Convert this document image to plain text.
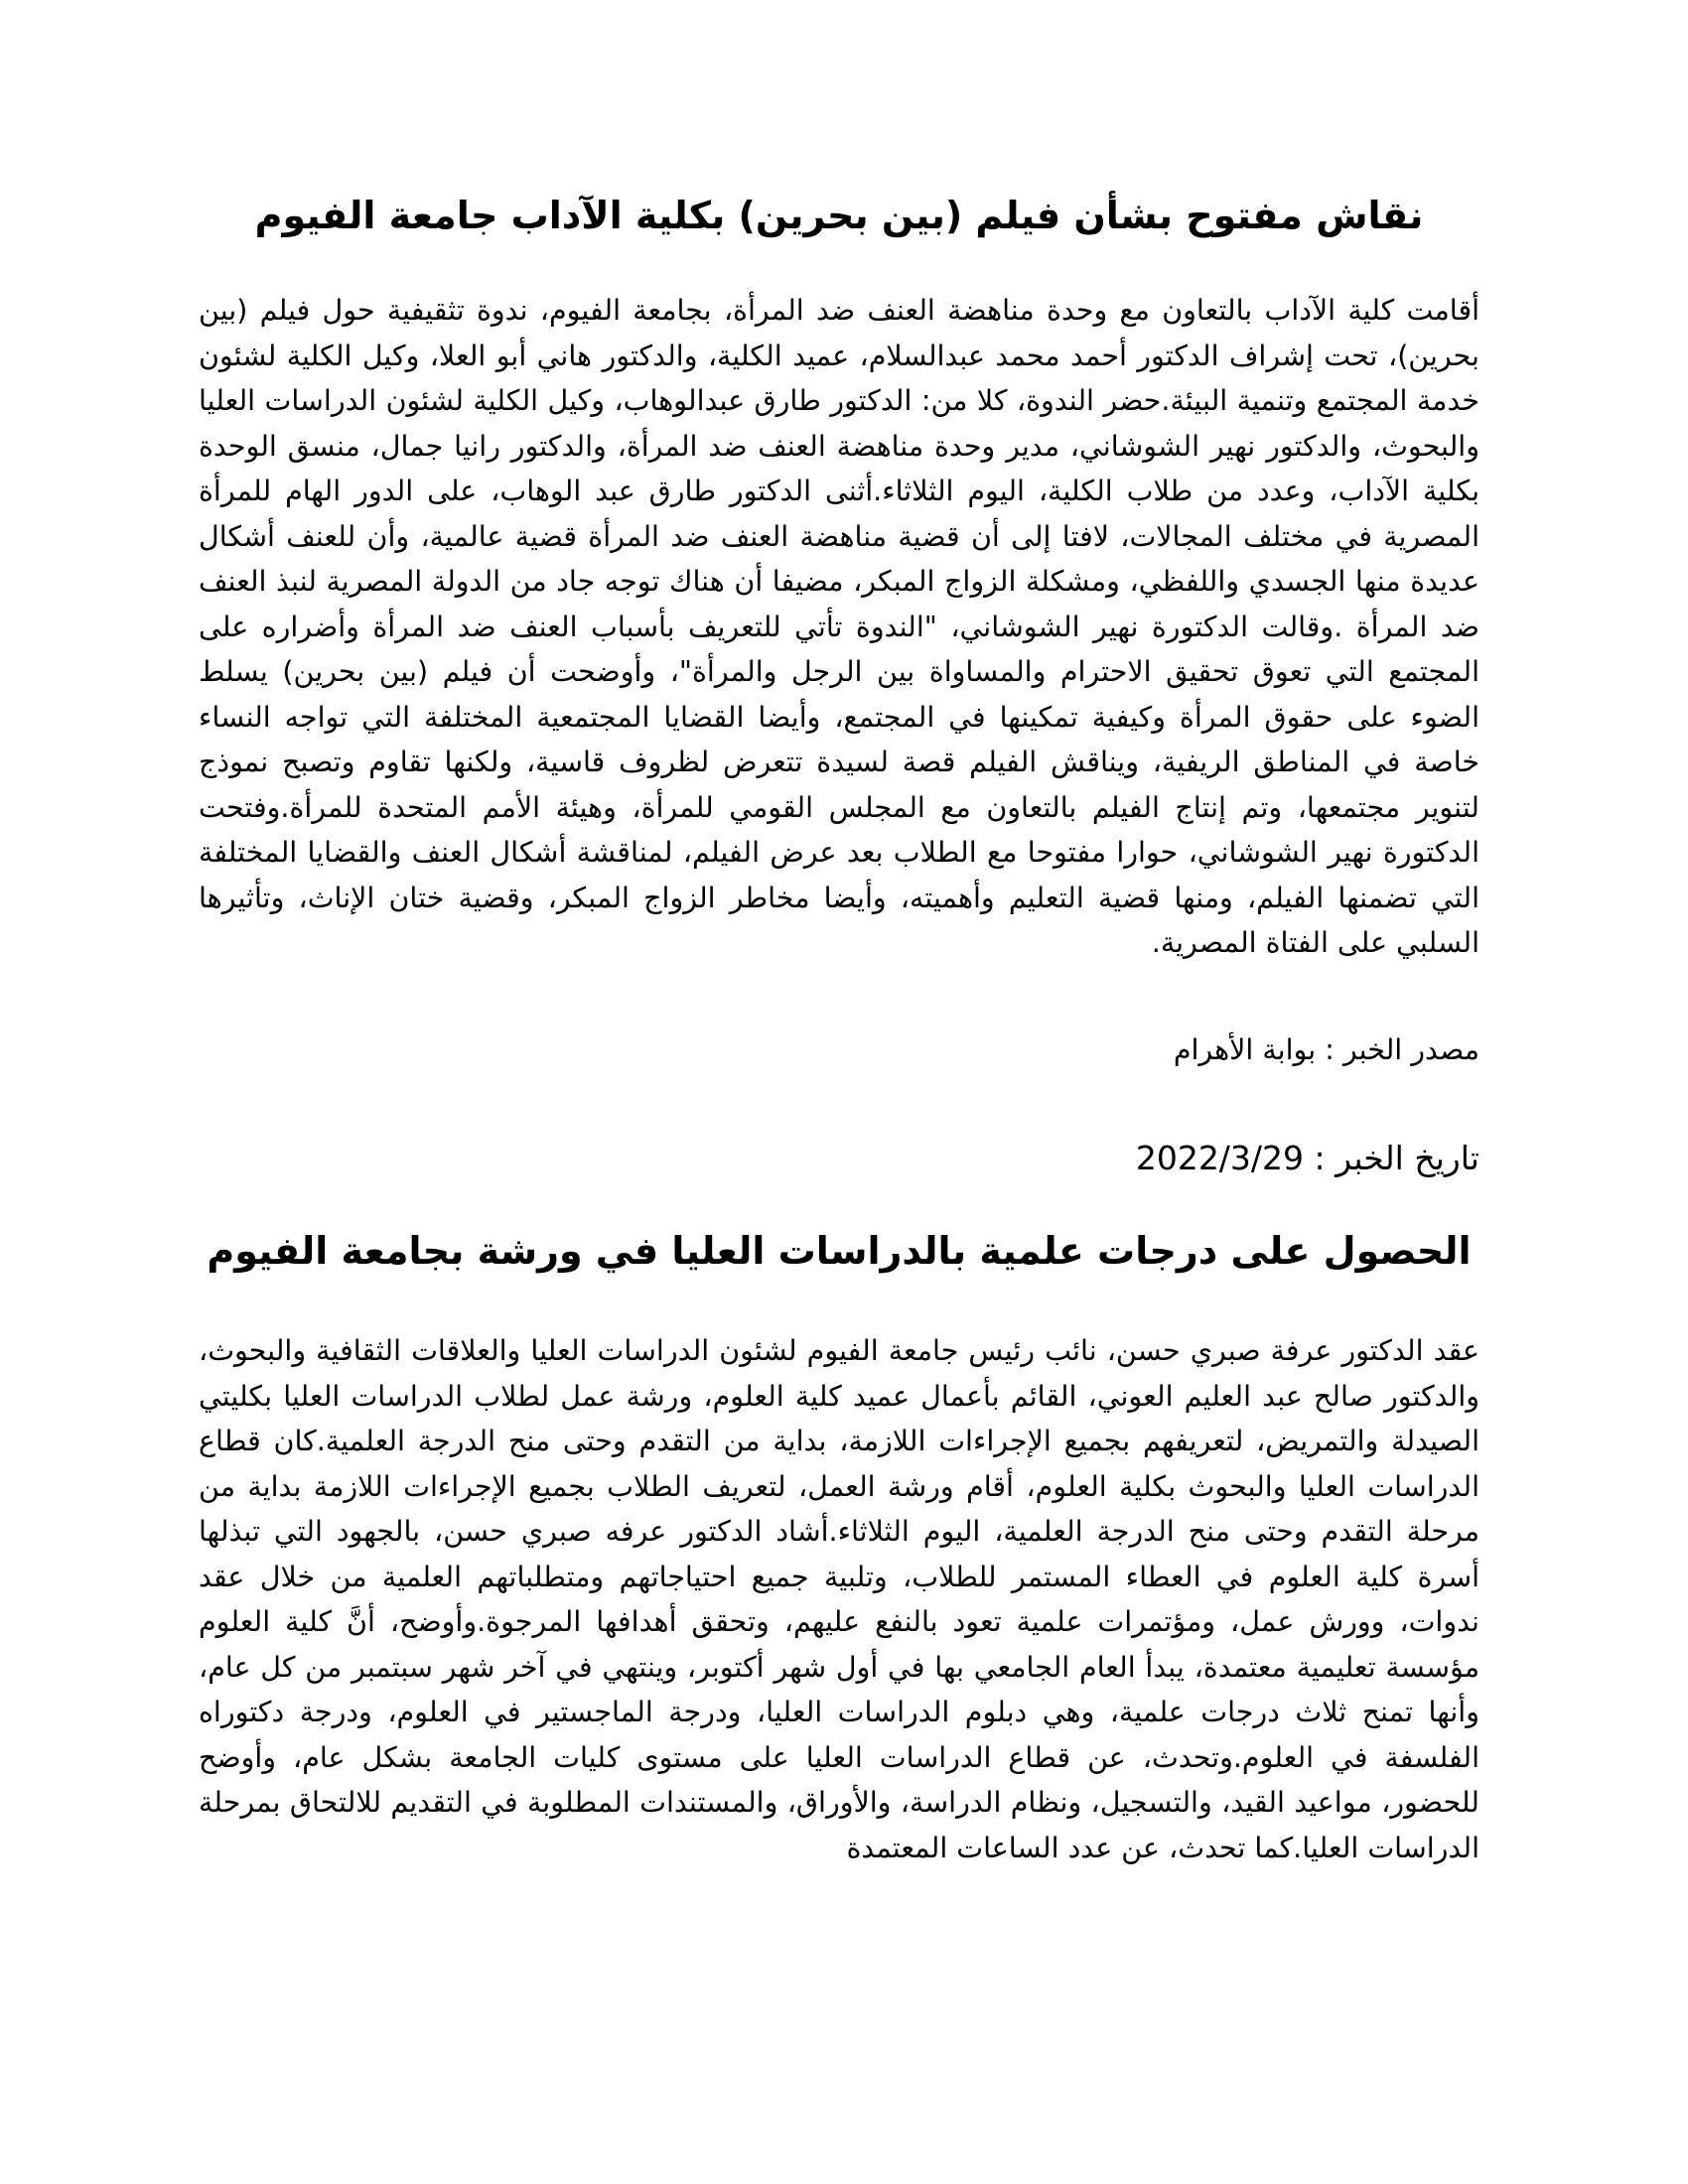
نقاش مفتوح بشأن فيلم (بين بحرين) بكلية الآداب جامعة الفيوم

أقامت كلية الآداب بالتعاون مع وحدة مناهضة العنف ضد المرأة، بجامعة الفيوم، ندوة تثقيفية حول فيلم (بين بحرين)، تحت إشراف الدكتور أحمد محمد عبدالسلام، عميد الكلية، والدكتور هاني أبو العلا، وكيل الكلية لشئون خدمة المجتمع وتنمية البيئة.حضر الندوة، كلا من: الدكتور طارق عبدالوهاب، وكيل الكلية لشئون الدراسات العليا والبحوث، والدكتور نهير الشوشاني، مدير وحدة مناهضة العنف ضد المرأة، والدكتور رانيا جمال، منسق الوحدة بكلية الآداب، وعدد من طلاب الكلية، اليوم الثلاثاء.أثنى الدكتور طارق عبد الوهاب، على الدور الهام للمرأة المصرية في مختلف المجالات، لافتا إلى أن قضية مناهضة العنف ضد المرأة قضية عالمية، وأن للعنف أشكال عديدة منها الجسدي واللفظي، ومشكلة الزواج المبكر، مضيفا أن هناك توجه جاد من الدولة المصرية لنبذ العنف ضد المرأة .وقالت الدكتورة نهير الشوشاني، "الندوة تأتي للتعريف بأسباب العنف ضد المرأة وأضراره على المجتمع التي تعوق تحقيق الاحترام والمساواة بين الرجل والمرأة"، وأوضحت أن فيلم (بين بحرين) يسلط الضوء على حقوق المرأة وكيفية تمكينها في المجتمع، وأيضا القضايا المجتمعية المختلفة التي تواجه النساء خاصة في المناطق الريفية، ويناقش الفيلم قصة لسيدة تتعرض لظروف قاسية، ولكنها تقاوم وتصبح نموذج لتنوير مجتمعها، وتم إنتاج الفيلم بالتعاون مع المجلس القومي للمرأة، وهيئة الأمم المتحدة للمرأة.وفتحت الدكتورة نهير الشوشاني، حوارا مفتوحا مع الطلاب بعد عرض الفيلم، لمناقشة أشكال العنف والقضايا المختلفة التي تضمنها الفيلم، ومنها قضية التعليم وأهميته، وأيضا مخاطر الزواج المبكر، وقضية ختان الإناث، وتأثيرها السلبي على الفتاة المصرية.

مصدر الخبر : بوابة الأهرام

تاريخ الخبر : 2022/3/29

الحصول على درجات علمية بالدراسات العليا في ورشة بجامعة الفيوم

عقد الدكتور عرفة صبري حسن، نائب رئيس جامعة الفيوم لشئون الدراسات العليا والعلاقات الثقافية والبحوث، والدكتور صالح عبد العليم العوني، القائم بأعمال عميد كلية العلوم، ورشة عمل لطلاب الدراسات العليا بكليتي الصيدلة والتمريض، لتعريفهم بجميع الإجراءات اللازمة، بداية من التقدم وحتى منح الدرجة العلمية.كان قطاع الدراسات العليا والبحوث بكلية العلوم، أقام ورشة العمل، لتعريف الطلاب بجميع الإجراءات اللازمة بداية من مرحلة التقدم وحتى منح الدرجة العلمية، اليوم الثلاثاء.أشاد الدكتور عرفه صبري حسن، بالجهود التي تبذلها أسرة كلية العلوم في العطاء المستمر للطلاب، وتلبية جميع احتياجاتهم ومتطلباتهم العلمية من خلال عقد ندوات، وورش عمل، ومؤتمرات علمية تعود بالنفع عليهم، وتحقق أهدافها المرجوة.وأوضح، أنَّ كلية العلوم مؤسسة تعليمية معتمدة، يبدأ العام الجامعي بها في أول شهر أكتوبر، وينتهي في آخر شهر سبتمبر من كل عام، وأنها تمنح ثلاث درجات علمية، وهي دبلوم الدراسات العليا، ودرجة الماجستير في العلوم، ودرجة دكتوراه الفلسفة في العلوم.وتحدث، عن قطاع الدراسات العليا على مستوى كليات الجامعة بشكل عام، وأوضح للحضور، مواعيد القيد، والتسجيل، ونظام الدراسة، والأوراق، والمستندات المطلوبة في التقديم للالتحاق بمرحلة الدراسات العليا.كما تحدث، عن عدد الساعات المعتمدة
